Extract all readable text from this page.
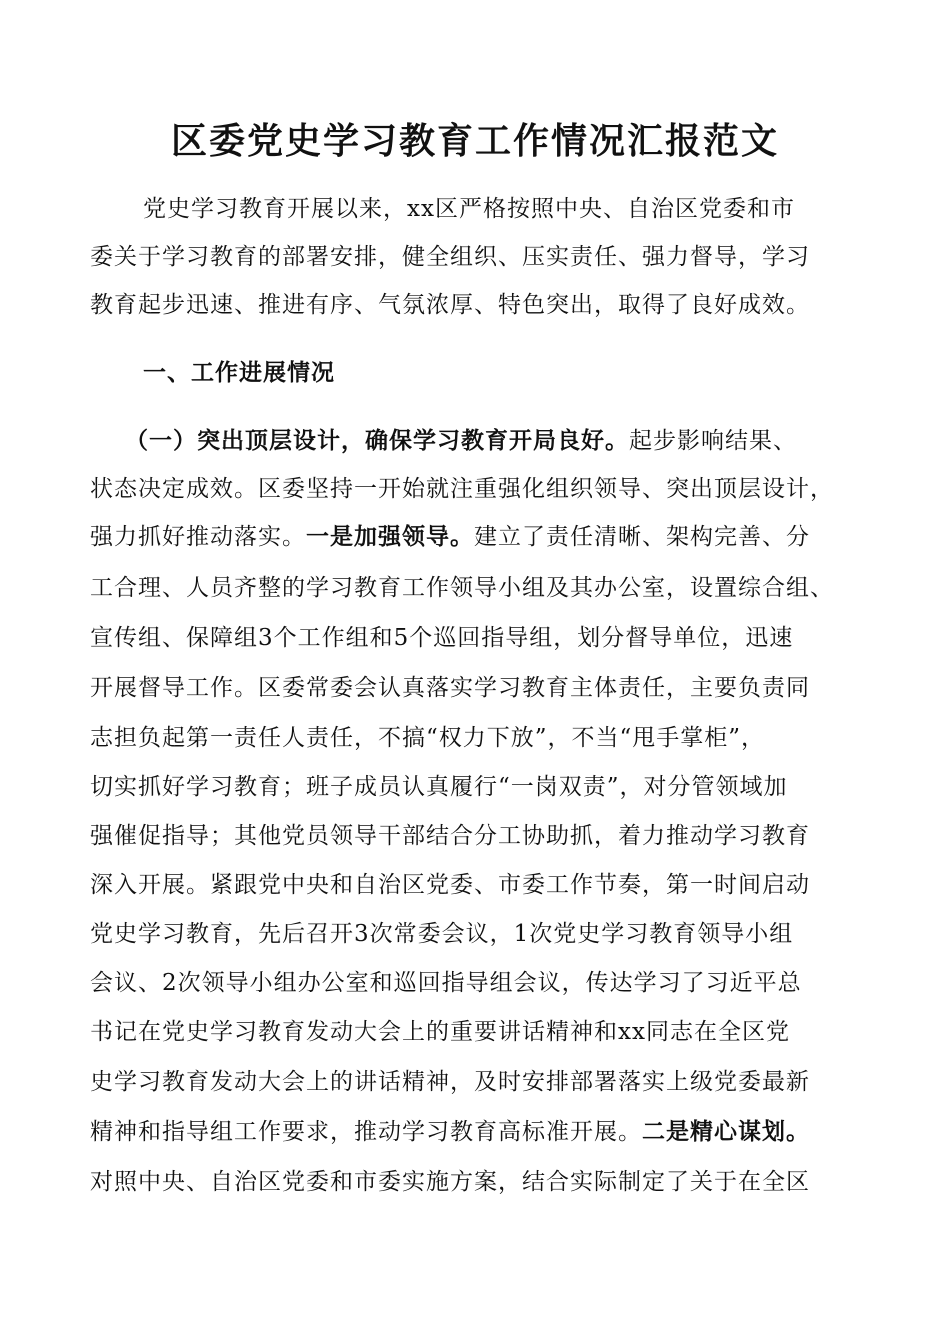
区委党史学习教育工作情况汇报范文
党史学习教育开展以来，xx区严格按照中央、自治区党委和市
委关于学习教育的部署安排，健全组织、压实责任、强力督导，学习
教育起步迅速、推进有序、气氛浓厚、特色突出，取得了良好成效。
一、工作进展情况
（一）突出顶层设计，确保学习教育开局良好。起步影响结果、
状态决定成效。区委坚持一开始就注重强化组织领导、突出顶层设计，
强力抓好推动落实。一是加强领导。建立了责任清晰、架构完善、分
工合理、人员齐整的学习教育工作领导小组及其办公室，设置综合组、
宣传组、保障组3个工作组和5个巡回指导组，划分督导单位，迅速
开展督导工作。区委常委会认真落实学习教育主体责任，主要负责同
志担负起第一责任人责任，不搞“权力下放”，不当“甩手掌柜”，
切实抓好学习教育；班子成员认真履行“一岗双责”，对分管领域加
强催促指导；其他党员领导干部结合分工协助抓，着力推动学习教育
深入开展。紧跟党中央和自治区党委、市委工作节奏，第一时间启动
党史学习教育，先后召开3次常委会议，1次党史学习教育领导小组
会议、2次领导小组办公室和巡回指导组会议，传达学习了习近平总
书记在党史学习教育发动大会上的重要讲话精神和xx同志在全区党
史学习教育发动大会上的讲话精神，及时安排部署落实上级党委最新
精神和指导组工作要求，推动学习教育高标准开展。二是精心谋划。
对照中央、自治区党委和市委实施方案，结合实际制定了关于在全区
